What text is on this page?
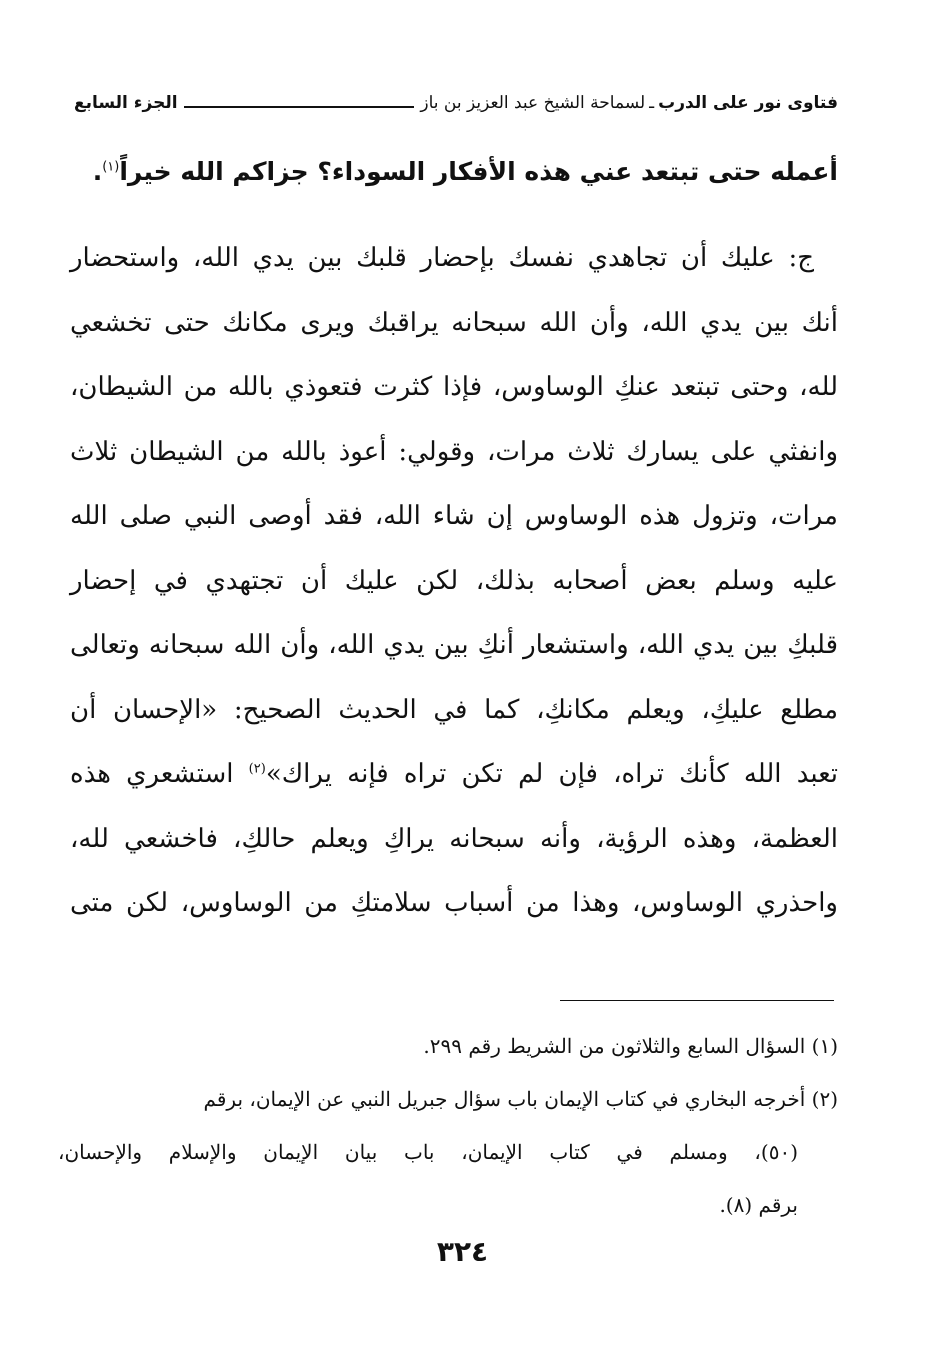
فتاوى نور على الدرب
ـ
لسماحة الشيخ عبد العزيز بن باز
الجزء السابع
أعمله حتى تبتعد عني هذه الأفكار السوداء؟ جزاكم الله خيراً$^{(١)}$.
ج: عليك أن تجاهدي نفسك بإحضار قلبك بين يدي الله، واستحضار
أنك بين يدي الله، وأن الله سبحانه يراقبك ويرى مكانك حتى تخشعي
لله، وحتى تبتعد عنكِ الوساوس، فإذا كثرت فتعوذي بالله من الشيطان،
وانفثي على يسارك ثلاث مرات، وقولي: أعوذ بالله من الشيطان ثلاث
مرات، وتزول هذه الوساوس إن شاء الله، فقد أوصى النبي صلى الله
عليه وسلم بعض أصحابه بذلك، لكن عليك أن تجتهدي في إحضار
قلبكِ بين يدي الله، واستشعار أنكِ بين يدي الله، وأن الله سبحانه وتعالى
مطلع عليكِ، ويعلم مكانكِ، كما في الحديث الصحيح: «الإحسان أن
تعبد الله كأنك تراه، فإن لم تكن تراه فإنه يراك»$^{(٢)}$ استشعري هذه
العظمة، وهذه الرؤية، وأنه سبحانه يراكِ ويعلم حالكِ، فاخشعي لله،
واحذري الوساوس، وهذا من أسباب سلامتكِ من الوساوس، لكن متى
(١) السؤال السابع والثلاثون من الشريط رقم ٢٩٩.
(٢) أخرجه البخاري في كتاب الإيمان باب سؤال جبريل النبي عن الإيمان، برقم
(٥٠)، ومسلم في كتاب الإيمان، باب بيان الإيمان والإسلام والإحسان،
برقم (٨).
٣٢٤
